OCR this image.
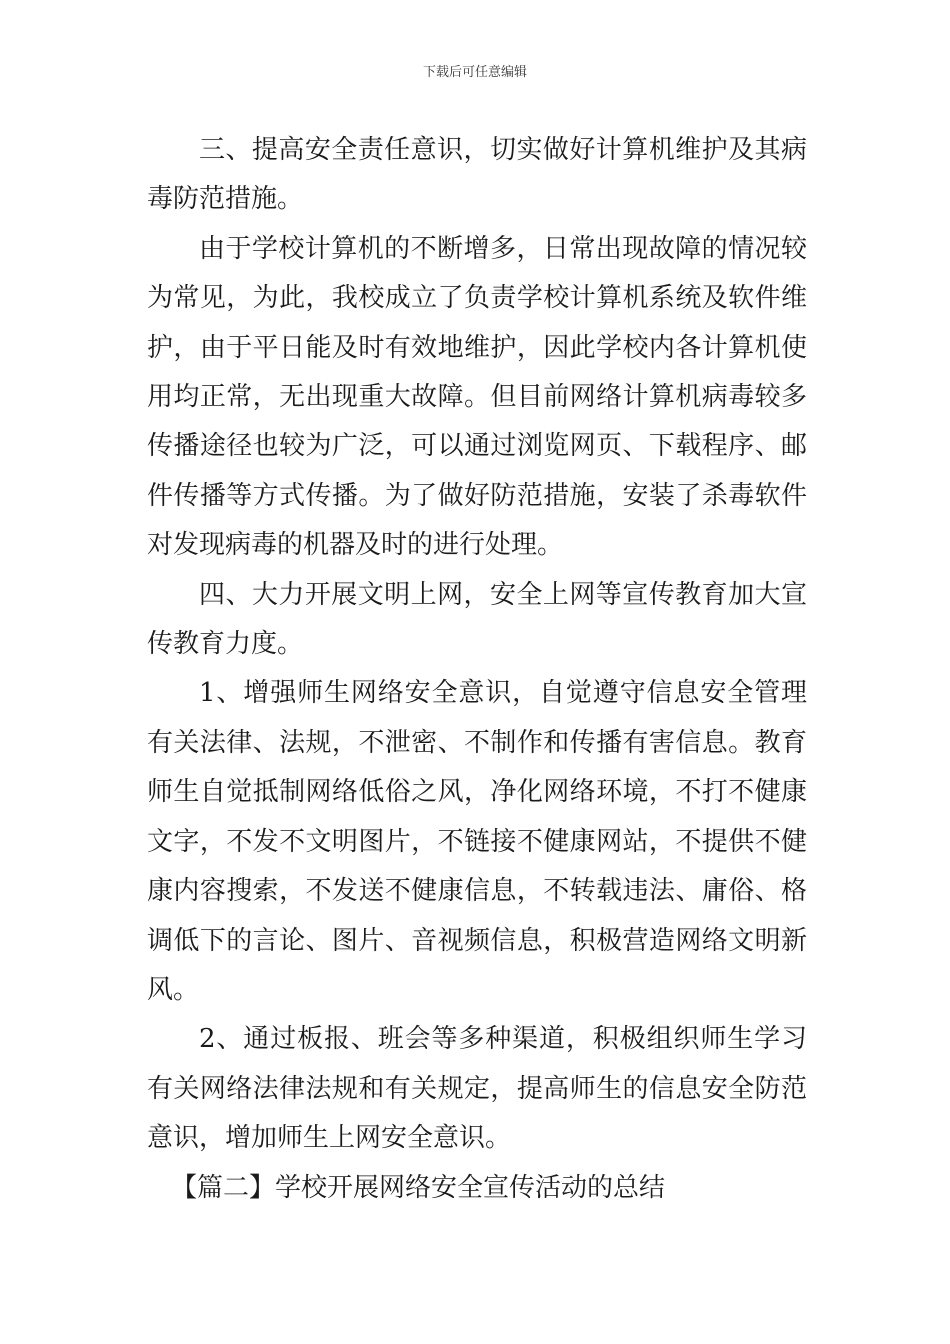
下载后可任意编辑

三、提高安全责任意识，切实做好计算机维护及其病毒防范措施。

由于学校计算机的不断增多，日常出现故障的情况较为常见，为此，我校成立了负责学校计算机系统及软件维护，由于平日能及时有效地维护，因此学校内各计算机使用均正常，无出现重大故障。但目前网络计算机病毒较多传播途径也较为广泛，可以通过浏览网页、下载程序、邮件传播等方式传播。为了做好防范措施，安装了杀毒软件对发现病毒的机器及时的进行处理。

四、大力开展文明上网，安全上网等宣传教育加大宣传教育力度。

1、增强师生网络安全意识，自觉遵守信息安全管理有关法律、法规，不泄密、不制作和传播有害信息。教育师生自觉抵制网络低俗之风，净化网络环境，不打不健康文字，不发不文明图片，不链接不健康网站，不提供不健康内容搜索，不发送不健康信息，不转载违法、庸俗、格调低下的言论、图片、音视频信息，积极营造网络文明新风。

2、通过板报、班会等多种渠道，积极组织师生学习有关网络法律法规和有关规定，提高师生的信息安全防范意识，增加师生上网安全意识。

【篇二】学校开展网络安全宣传活动的总结
